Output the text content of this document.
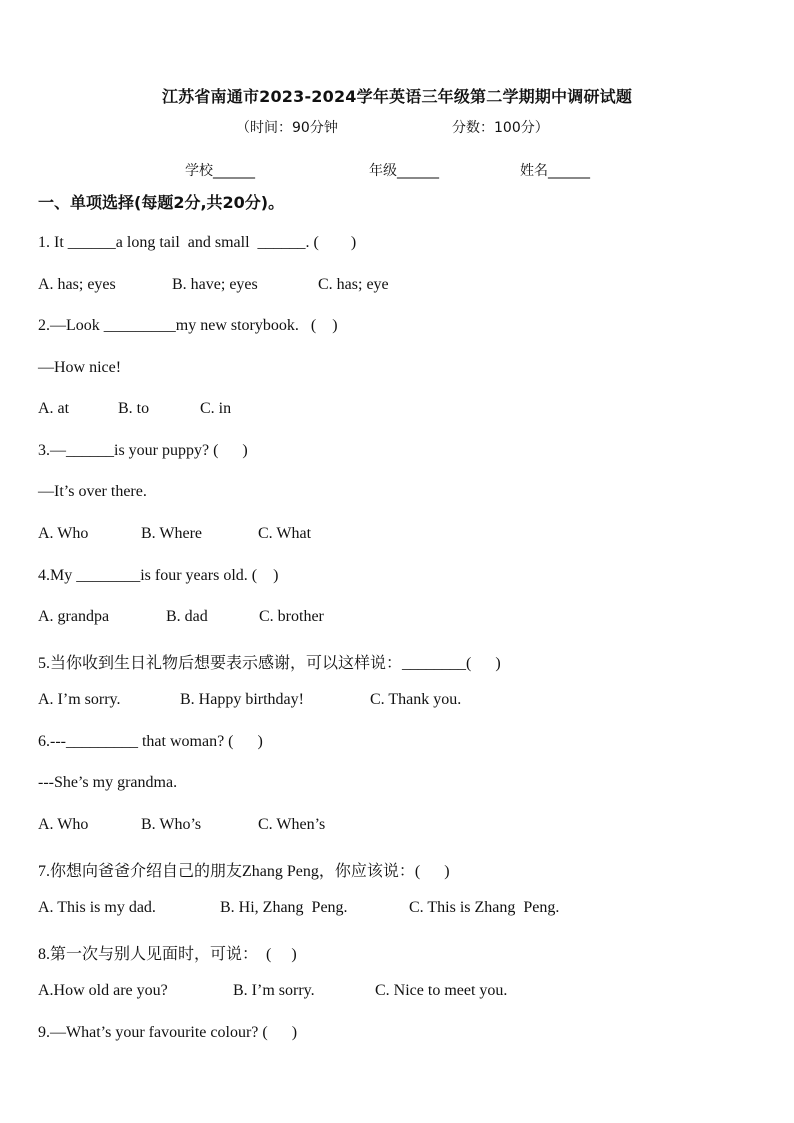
江苏省南通市2023-2024学年英语三年级第二学期期中调研试题
（时间：90分钟	分数：100分）
学校______	年级______	姓名______
一、单项选择(每题2分,共20分)。
1. It ______a long tail  and small  ______. (        )
A. has; eyes	B. have; eyes	C. has; eye
2.—Look _________my new storybook.   (    )
—How nice!
A. at	B. to	C. in
3.—______is your puppy? (      )
—It’s over there.
A. Who	B. Where	C. What
4.My ________is four years old. (    )
A. grandpa	B. dad	C. brother
5.当你收到生日礼物后想要表示感谢，可以这样说：________(      )
A. I’m sorry.	B. Happy birthday!	C. Thank you.
6.---_________ that woman? (      )
---She’s my grandma.
A. Who	B. Who’s	C. When’s
7.你想向爸爸介绍自己的朋友Zhang Peng，你应该说：(      )
A. This is my dad.	B. Hi, Zhang  Peng.	C. This is Zhang  Peng.
8.第一次与别人见面时，可说：  (     )
A.How old are you?	B. I’m sorry.	C. Nice to meet you.
9.—What’s your favourite colour? (      )
